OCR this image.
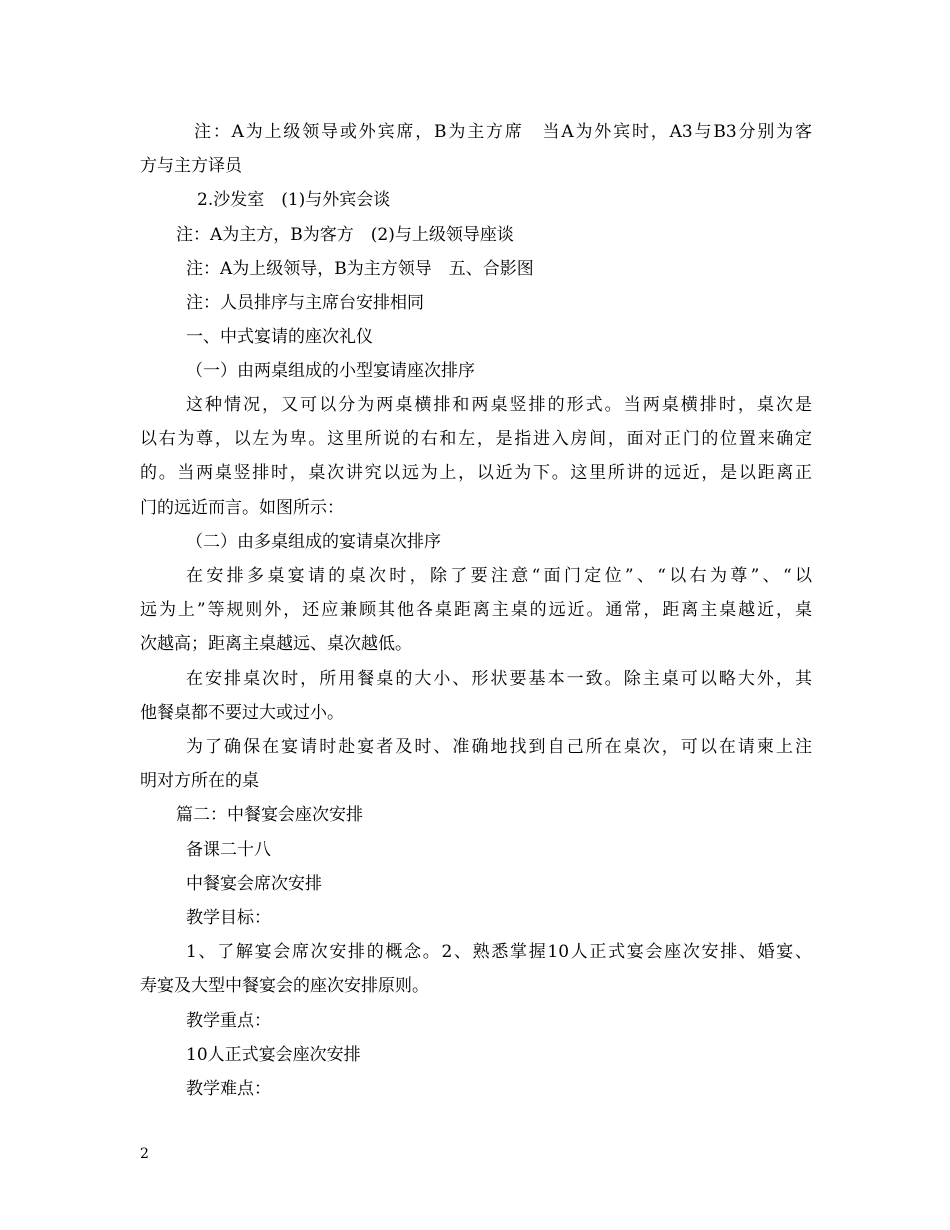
注：A为上级领导或外宾席，B为主方席　当A为外宾时，A3与B3分别为客
方与主方译员
2.沙发室　(1)与外宾会谈
注：A为主方，B为客方　(2)与上级领导座谈
注：A为上级领导，B为主方领导　五、合影图
注：人员排序与主席台安排相同
一、中式宴请的座次礼仪
（一）由两桌组成的小型宴请座次排序
这种情况，又可以分为两桌横排和两桌竖排的形式。当两桌横排时，桌次是
以右为尊，以左为卑。这里所说的右和左，是指进入房间，面对正门的位置来确定
的。当两桌竖排时，桌次讲究以远为上，以近为下。这里所讲的远近，是以距离正
门的远近而言。如图所示：
（二）由多桌组成的宴请桌次排序
在安排多桌宴请的桌次时，除了要注意“面门定位”、“以右为尊”、“以
远为上”等规则外，还应兼顾其他各桌距离主桌的远近。通常，距离主桌越近，桌
次越高；距离主桌越远、桌次越低。
在安排桌次时，所用餐桌的大小、形状要基本一致。除主桌可以略大外，其
他餐桌都不要过大或过小。
为了确保在宴请时赴宴者及时、准确地找到自己所在桌次，可以在请柬上注
明对方所在的桌
篇二：中餐宴会座次安排
备课二十八
中餐宴会席次安排
教学目标：
1、了解宴会席次安排的概念。2、熟悉掌握10人正式宴会座次安排、婚宴、
寿宴及大型中餐宴会的座次安排原则。
教学重点：
10人正式宴会座次安排
教学难点：
2
